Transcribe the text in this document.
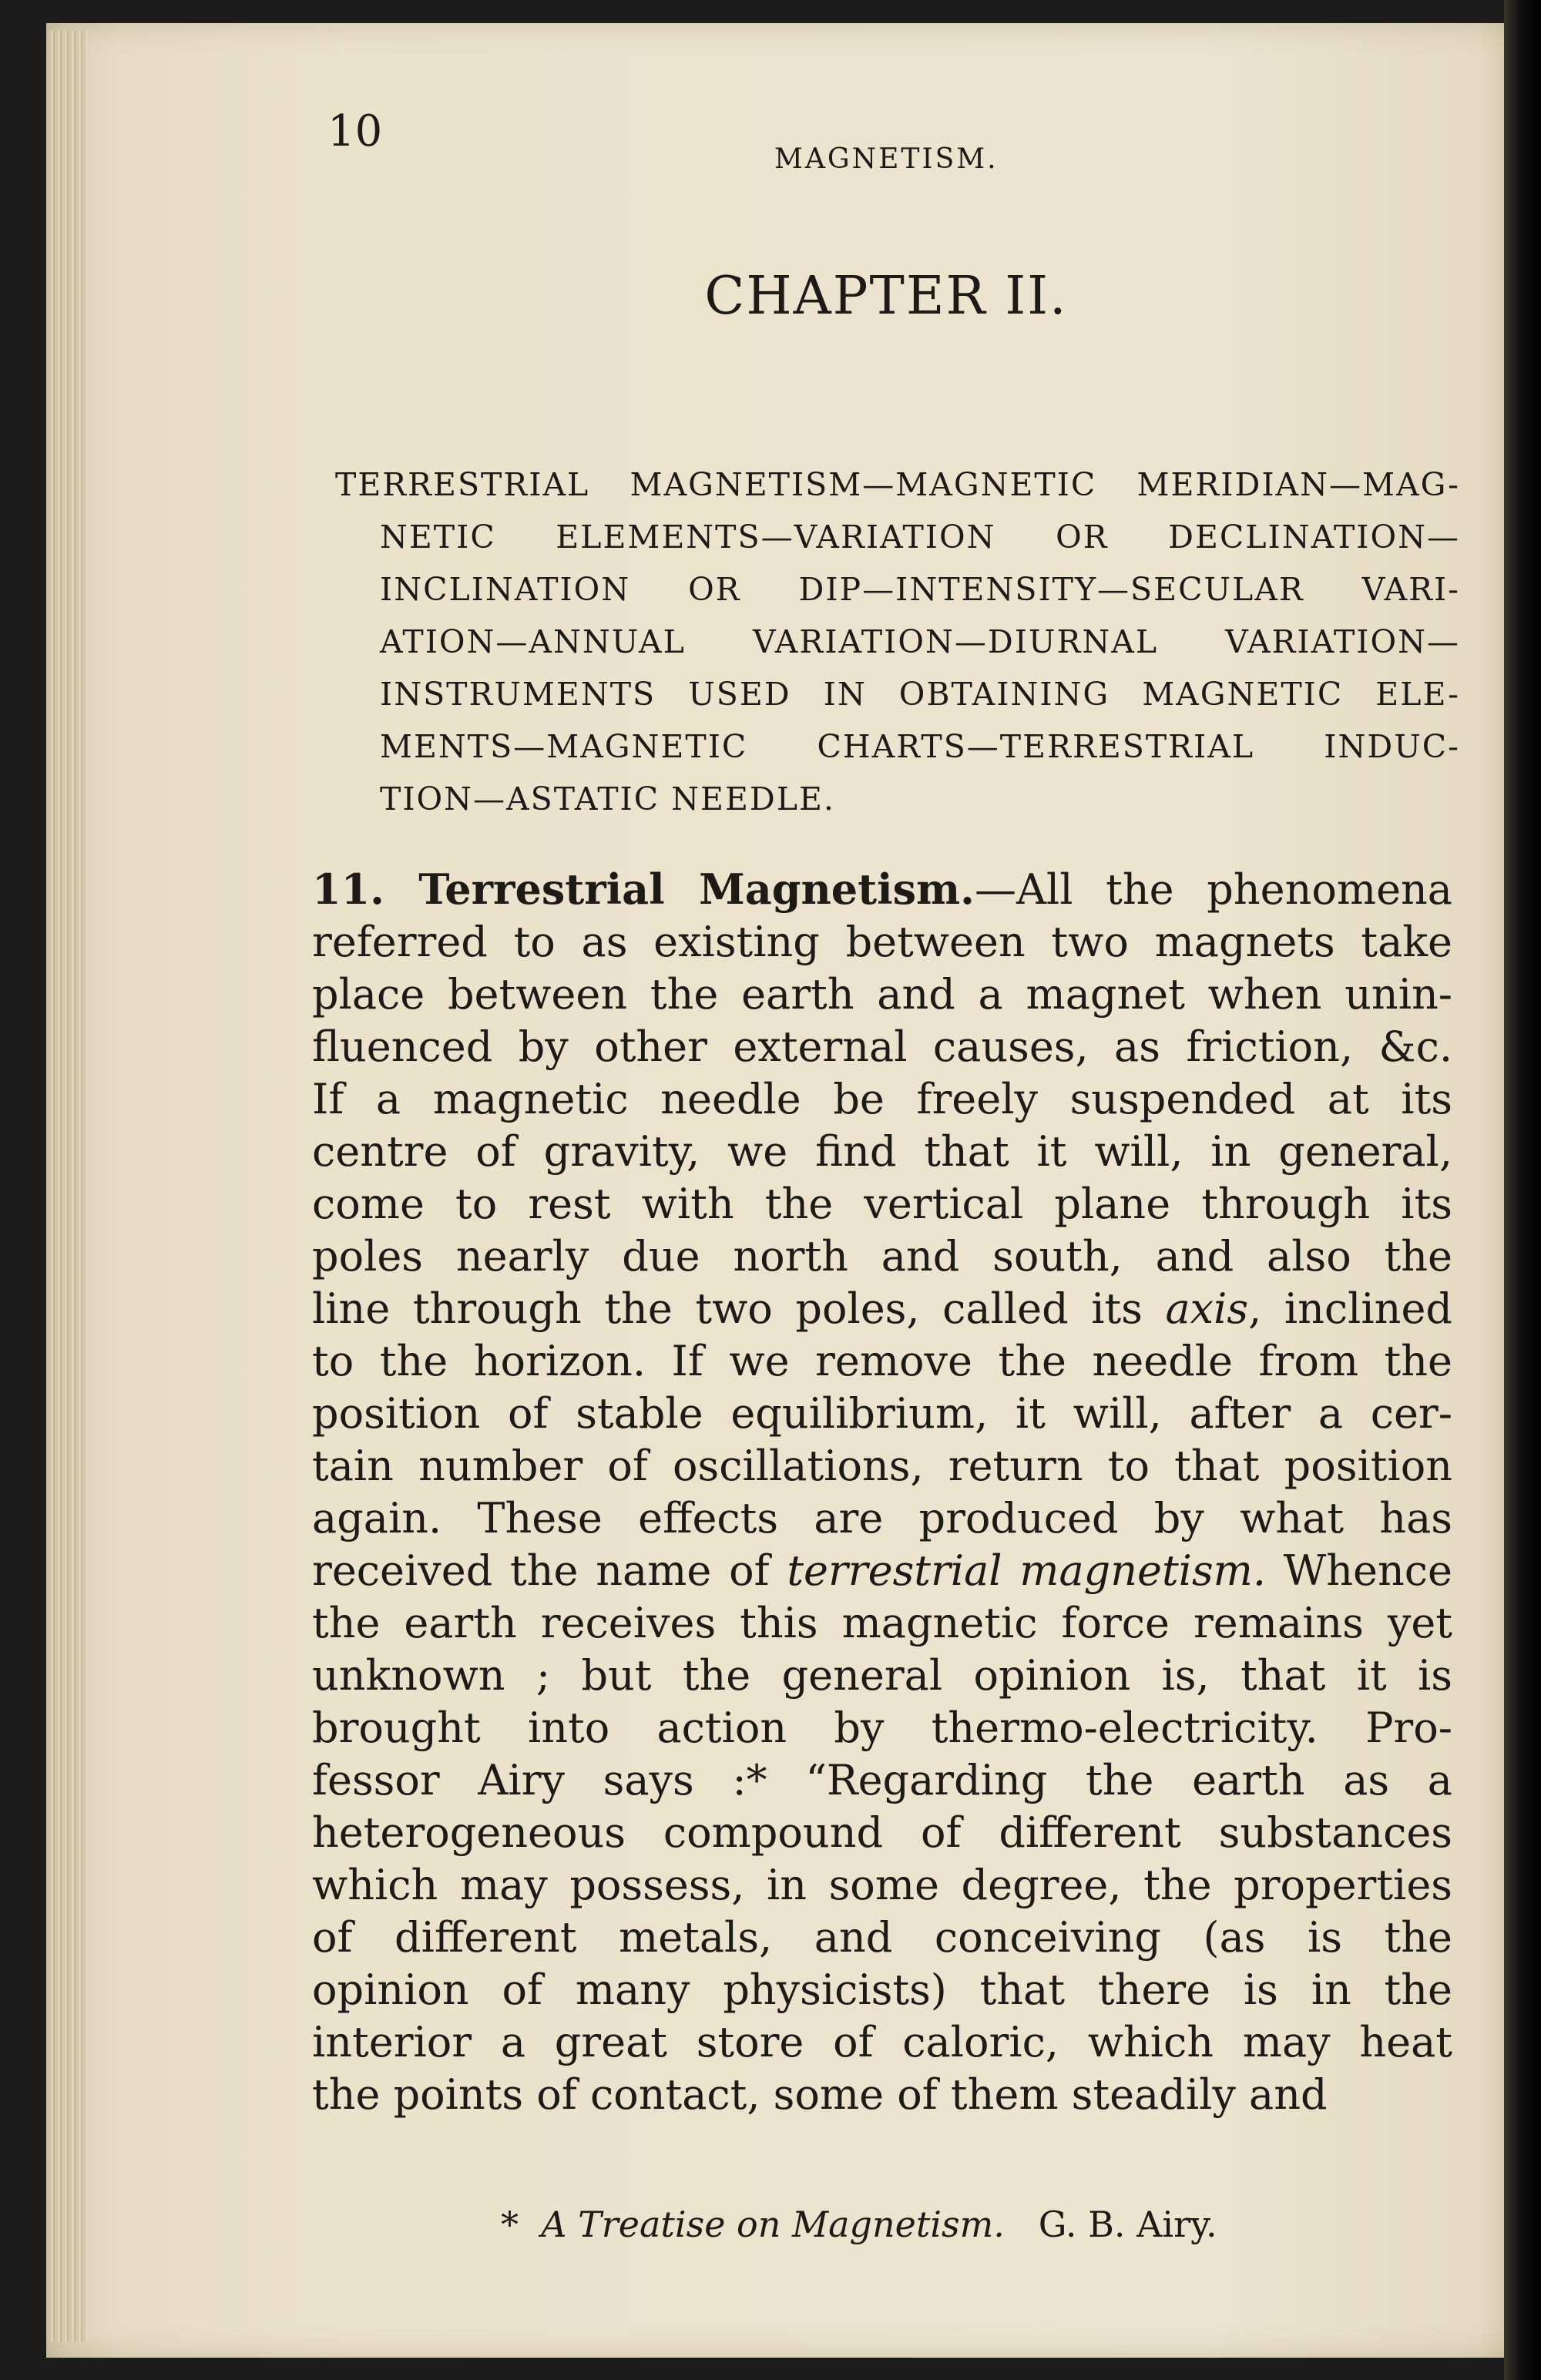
10
MAGNETISM.
CHAPTER II.
TERRESTRIAL MAGNETISM—MAGNETIC MERIDIAN—MAG-
NETIC ELEMENTS—VARIATION OR DECLINATION—
INCLINATION OR DIP—INTENSITY—SECULAR VARI-
ATION—ANNUAL VARIATION—DIURNAL VARIATION—
INSTRUMENTS USED IN OBTAINING MAGNETIC ELE-
MENTS—MAGNETIC CHARTS—TERRESTRIAL INDUC-
TION—ASTATIC NEEDLE.
11. Terrestrial Magnetism.—All the phenomena
referred to as existing between two magnets take
place between the earth and a magnet when unin-
fluenced by other external causes, as friction, &c.
If a magnetic needle be freely suspended at its
centre of gravity, we find that it will, in general,
come to rest with the vertical plane through its
poles nearly due north and south, and also the
line through the two poles, called its axis, inclined
to the horizon. If we remove the needle from the
position of stable equilibrium, it will, after a cer-
tain number of oscillations, return to that position
again. These effects are produced by what has
received the name of terrestrial magnetism. Whence
the earth receives this magnetic force remains yet
unknown ; but the general opinion is, that it is
brought into action by thermo-electricity. Pro-
fessor Airy says :* “Regarding the earth as a
heterogeneous compound of different substances
which may possess, in some degree, the properties
of different metals, and conceiving (as is the
opinion of many physicists) that there is in the
interior a great store of caloric, which may heat
the points of contact, some of them steadily and
* A Treatise on Magnetism. G. B. Airy.
